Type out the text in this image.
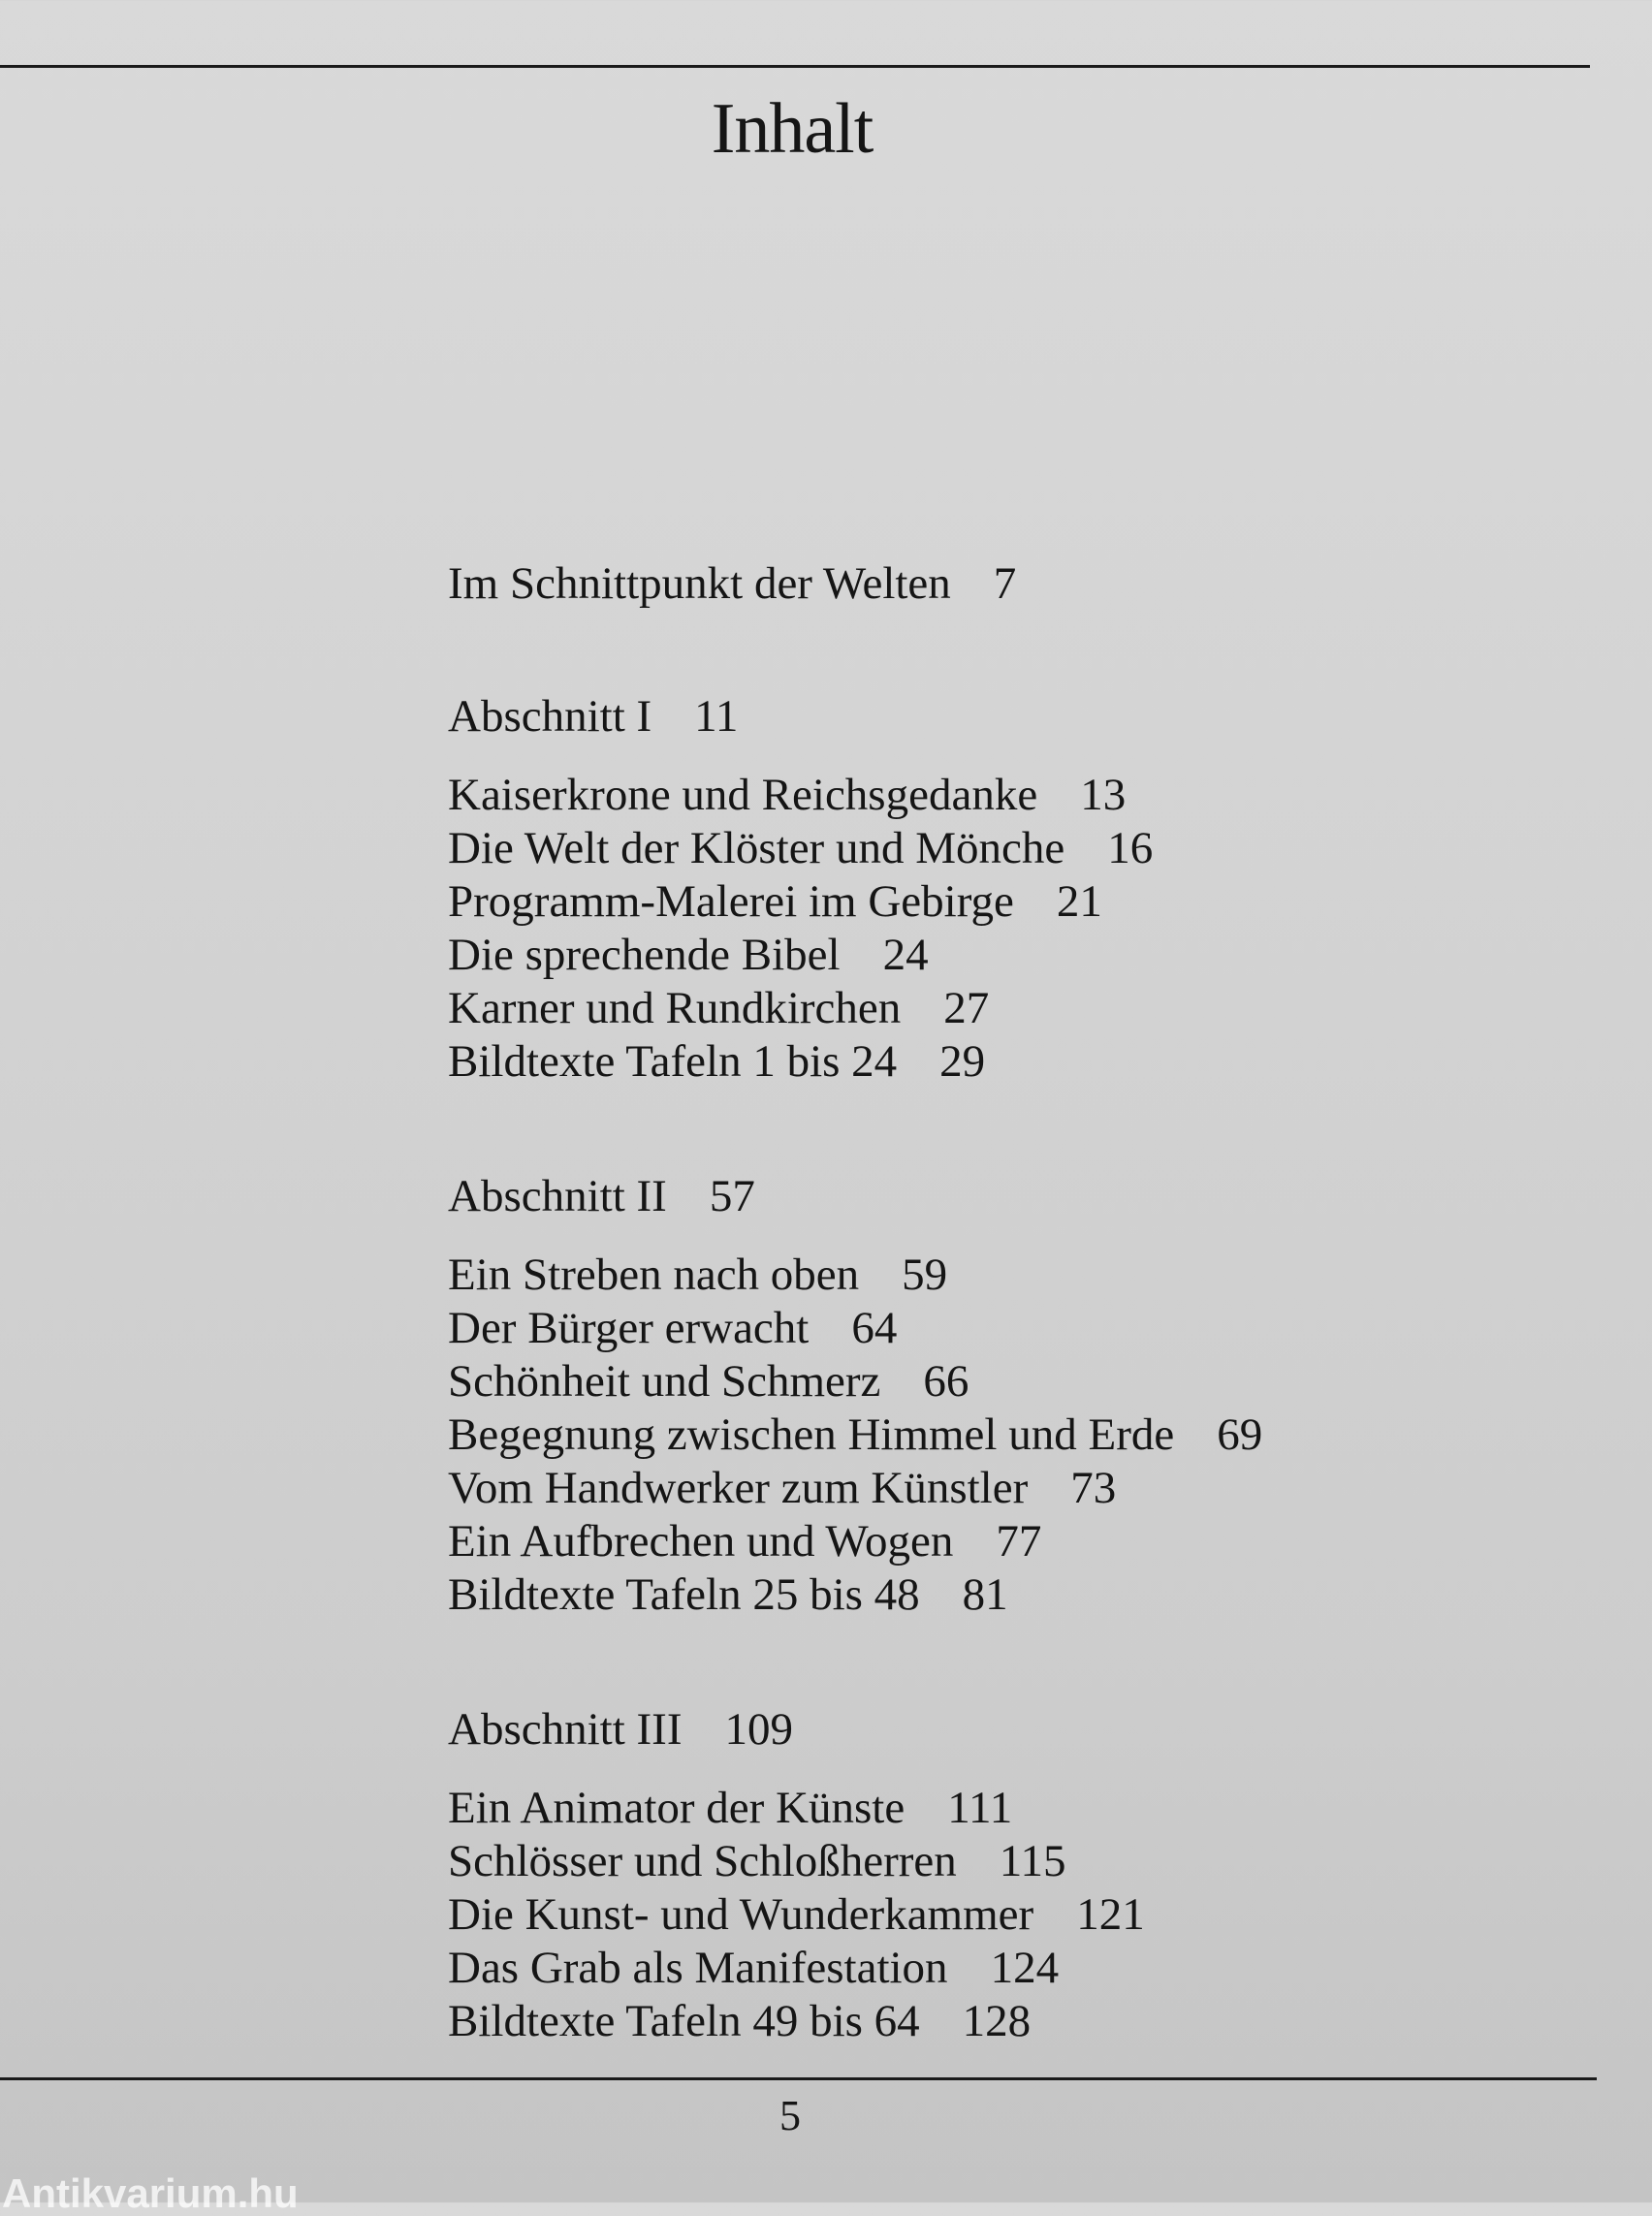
Inhalt
Im Schnittpunkt der Welten 7
Abschnitt I 11
Kaiserkrone und Reichsgedanke 13
Die Welt der Klöster und Mönche 16
Programm-Malerei im Gebirge 21
Die sprechende Bibel 24
Karner und Rundkirchen 27
Bildtexte Tafeln 1 bis 24 29
Abschnitt II 57
Ein Streben nach oben 59
Der Bürger erwacht 64
Schönheit und Schmerz 66
Begegnung zwischen Himmel und Erde 69
Vom Handwerker zum Künstler 73
Ein Aufbrechen und Wogen 77
Bildtexte Tafeln 25 bis 48 81
Abschnitt III 109
Ein Animator der Künste 111
Schlösser und Schloßherren 115
Die Kunst- und Wunderkammer 121
Das Grab als Manifestation 124
Bildtexte Tafeln 49 bis 64 128
5
Antikvarium.hu
